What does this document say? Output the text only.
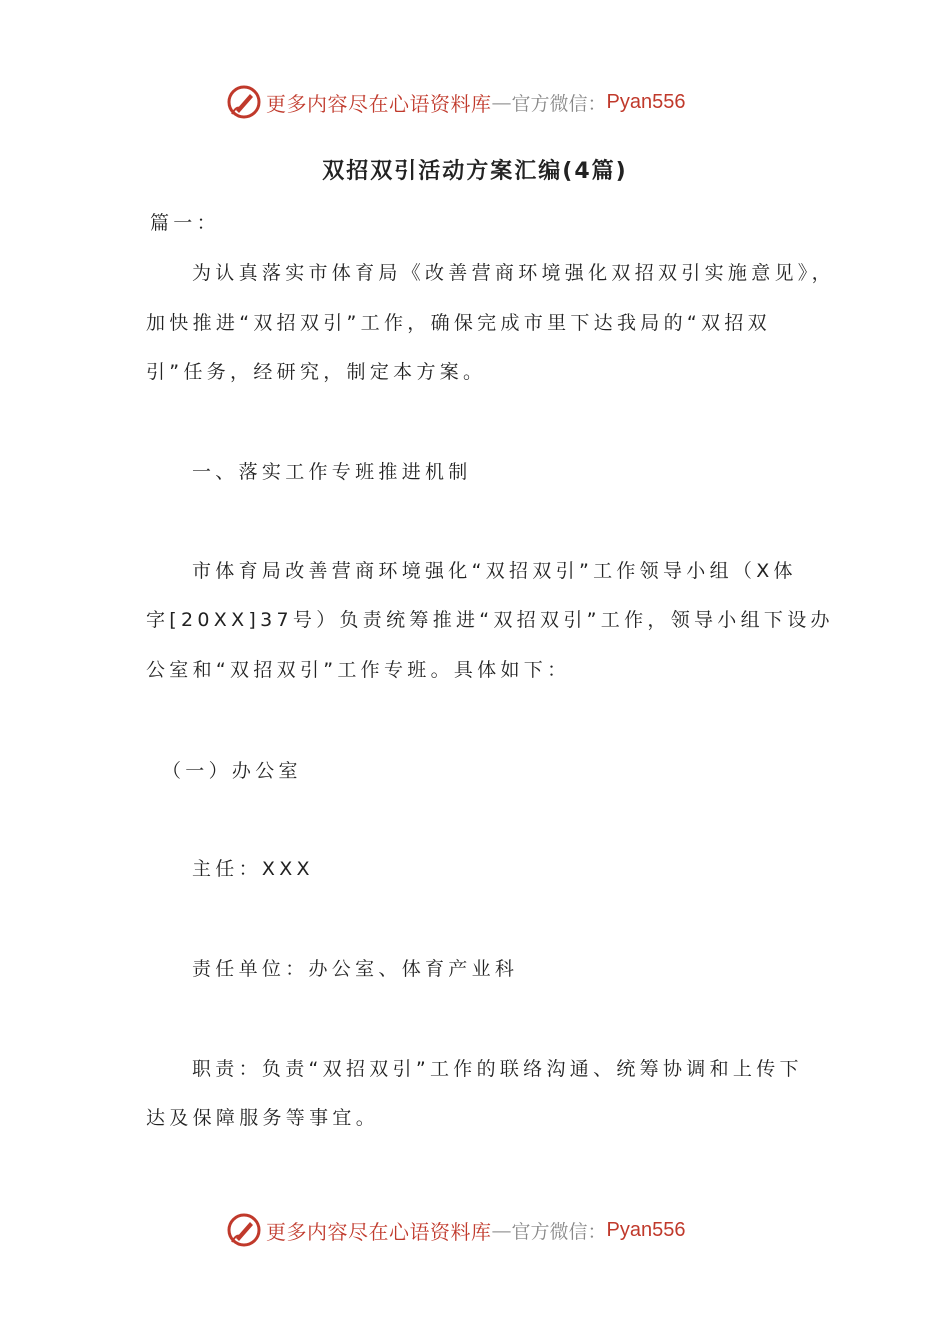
更多内容尽在心语资料库 — 官方微信： Pyan556
双招双引活动方案汇编(4篇)
篇一：
为认真落实市体育局《改善营商环境强化双招双引实施意见》，
加快推进“双招双引”工作，确保完成市里下达我局的“双招双
引”任务，经研究，制定本方案。
一、落实工作专班推进机制
市体育局改善营商环境强化“双招双引”工作领导小组（X体
字[20XX]37号）负责统筹推进“双招双引”工作，领导小组下设办
公室和“双招双引”工作专班。具体如下：
（一）办公室
主任：XXX
责任单位：办公室、体育产业科
职责：负责“双招双引”工作的联络沟通、统筹协调和上传下
达及保障服务等事宜。
更多内容尽在心语资料库 — 官方微信： Pyan556
